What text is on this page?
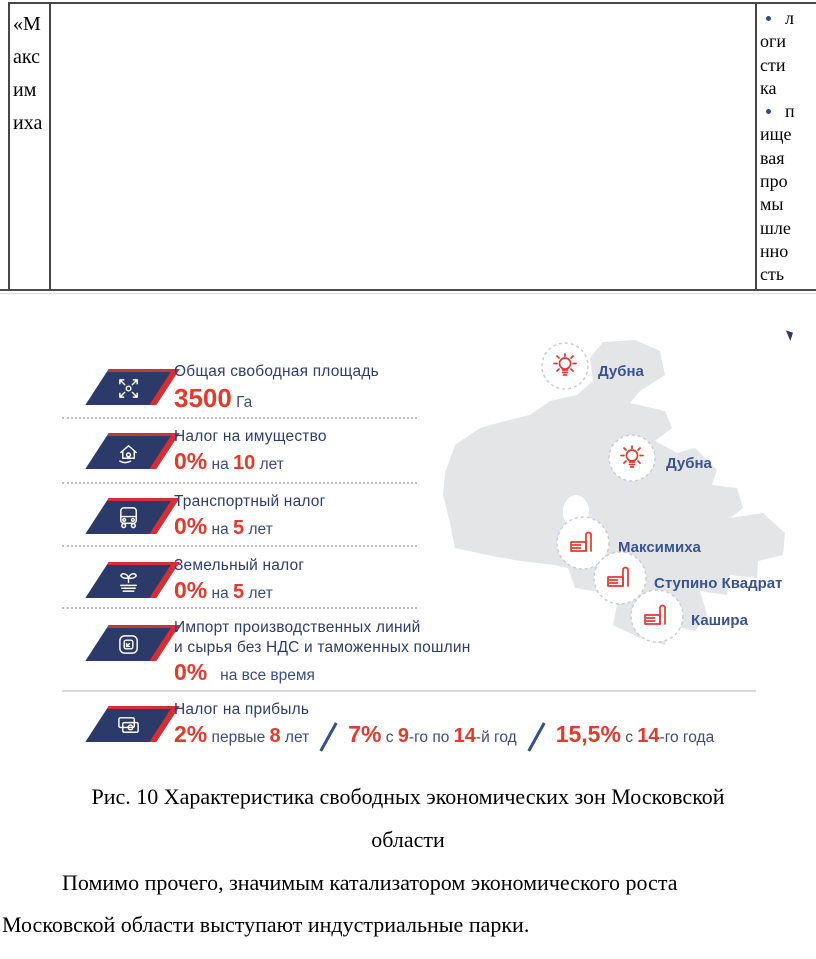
«М
акс
им
иха
л
оги
сти
ка
п
ище
вая
про
мы
шле
нно
сть
Общая свободная площадь
3500 Га
Налог на имущество
0% на 10 лет
Транспортный налог
0% на 5 лет
Земельный налог
0% на 5 лет
Импорт производственных линий
и сырья без НДС и таможенных пошлин
0% на все время
Налог на прибыль
2% первые 8 лет 7% с 9 -го по 14 -й год 15,5% с 14 -го года
Дубна
Дубна
Максимиха
Ступино Квадрат
Кашира
Рис. 10 Характеристика свободных экономических зон Московской
области
Помимо прочего, значимым катализатором экономического роста
Московской области выступают индустриальные парки.
